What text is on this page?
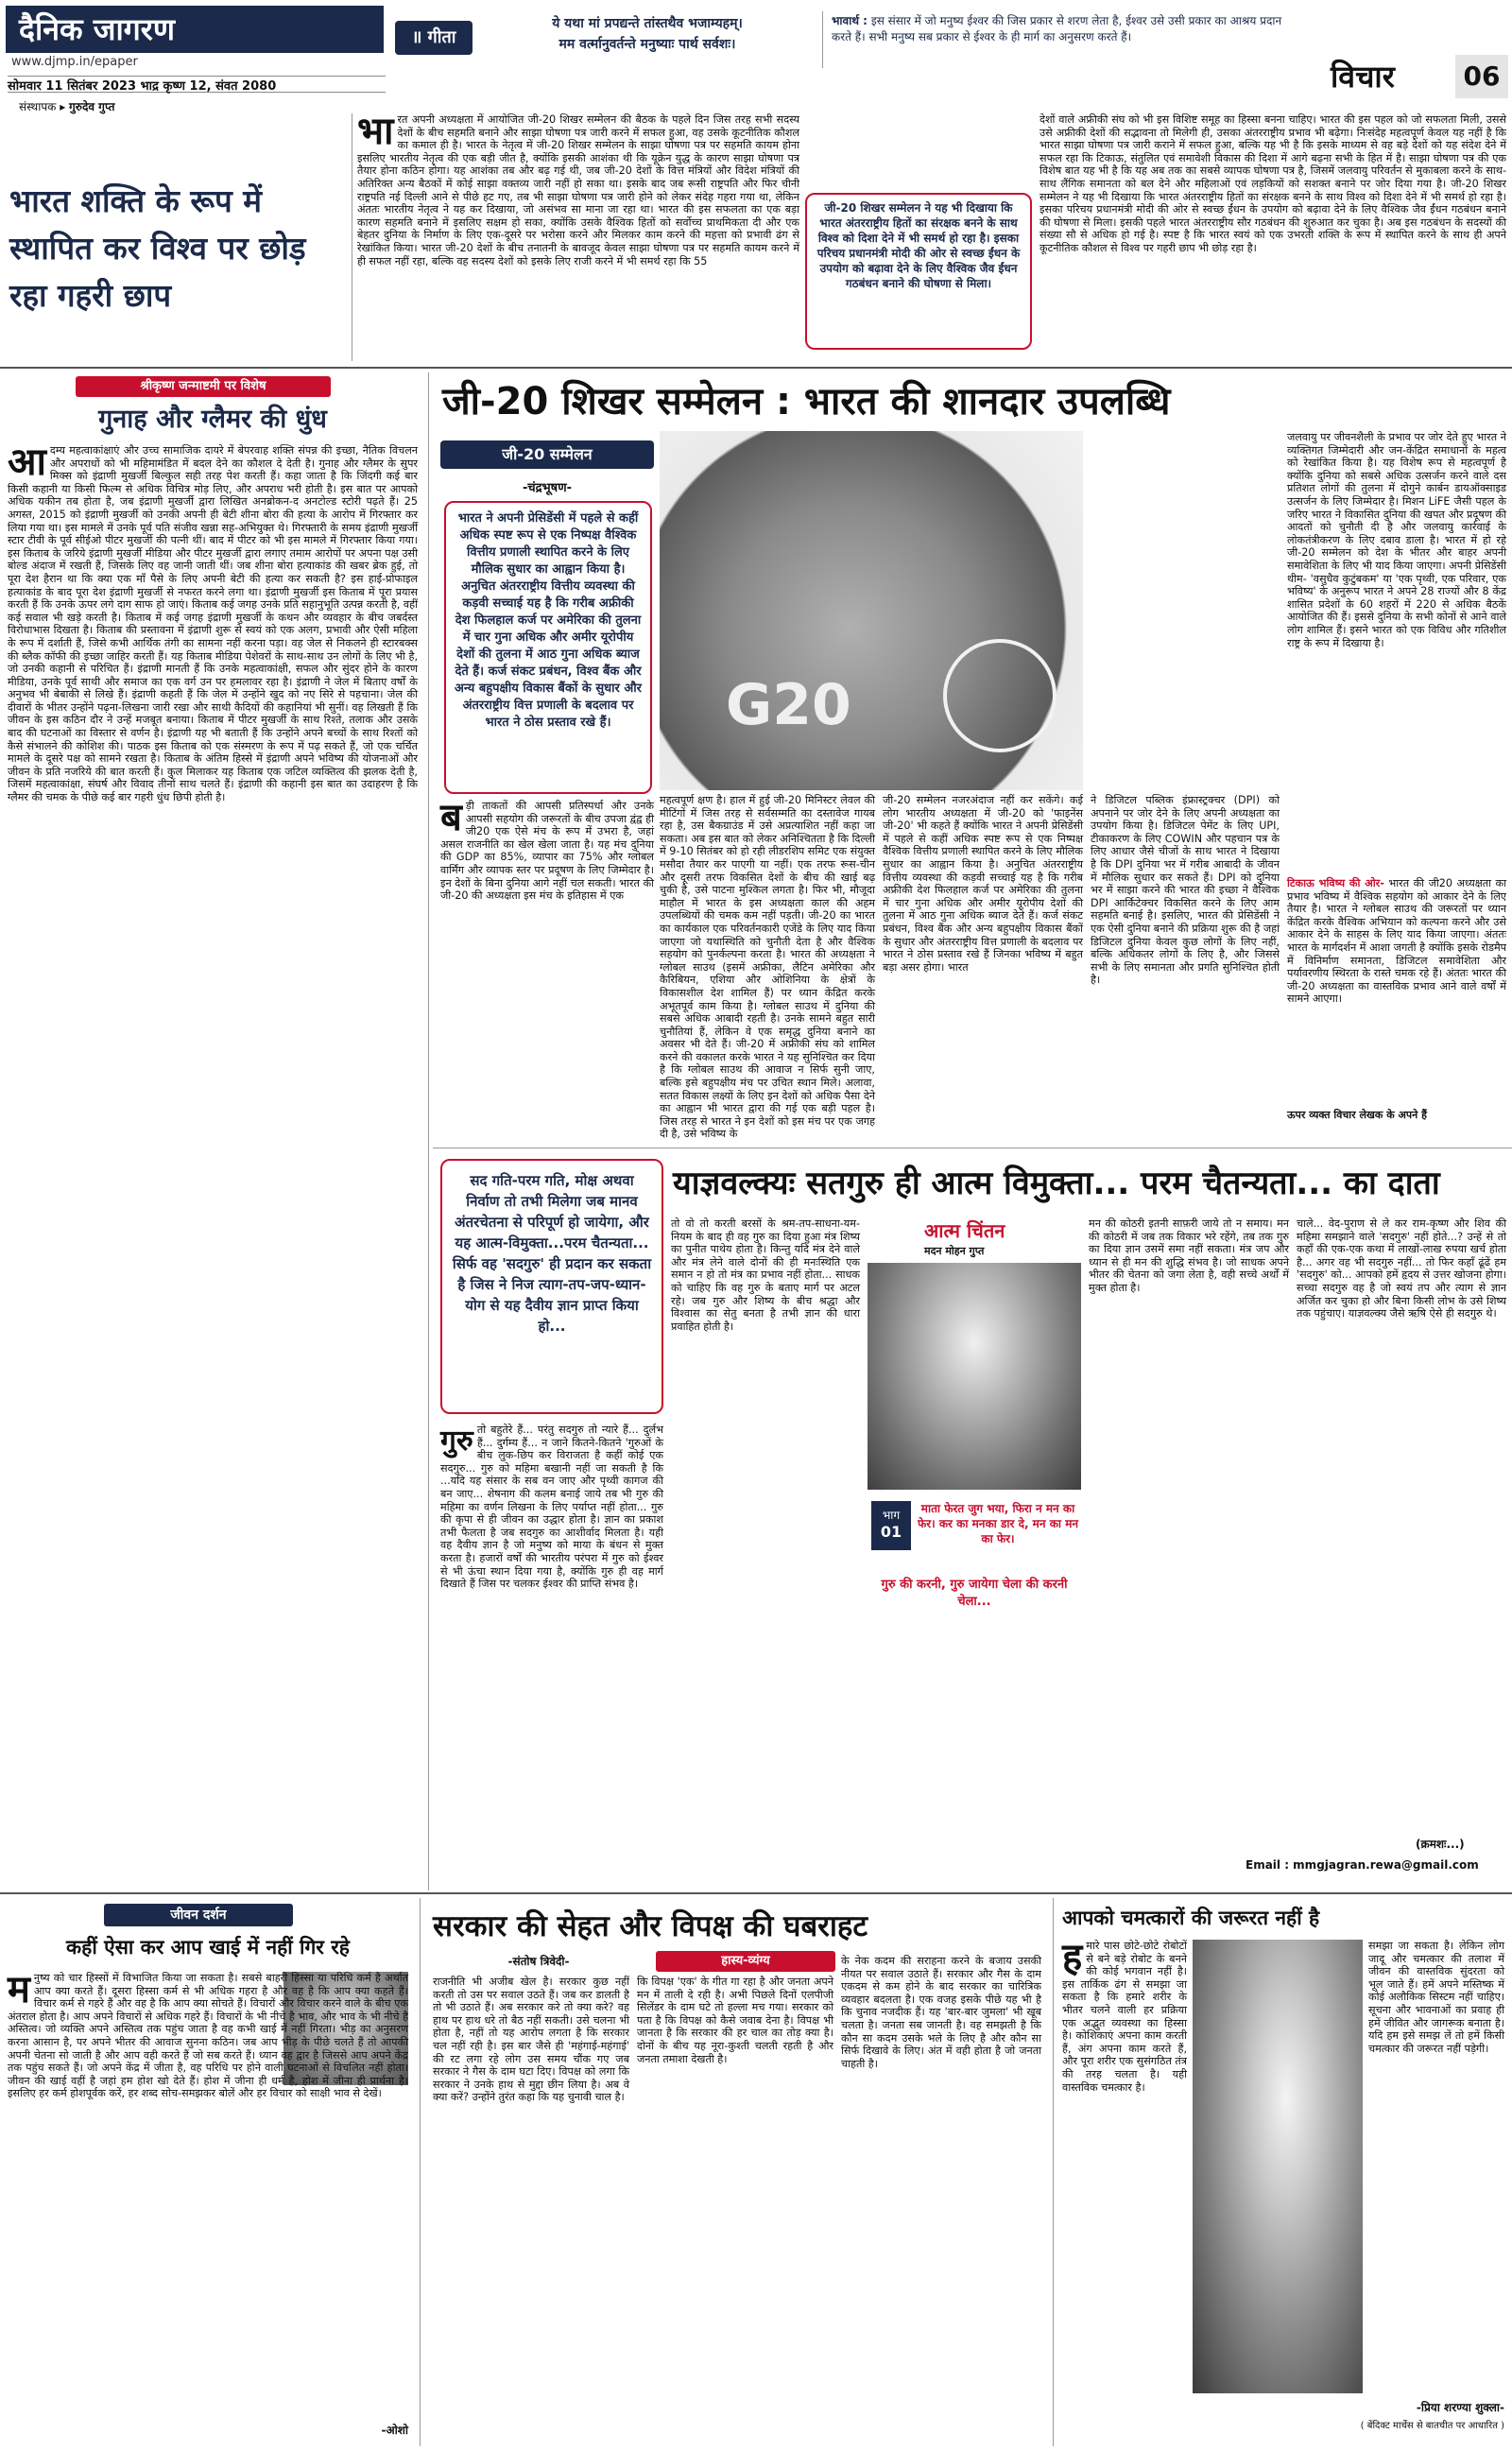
दैनिक जागरण
www.djmp.in/epaper
सोमवार 11 सितंबर 2023 भाद्र कृष्ण 12, संवत 2080
संस्थापक ▸ गुरुदेव गुप्त
॥ गीता
ये यथा मां प्रपद्यन्ते तांस्तथैव भजाम्यहम्।
मम वर्त्मानुवर्तन्ते मनुष्याः पार्थ सर्वशः।
भावार्थ : इस संसार में जो मनुष्य ईश्वर की जिस प्रकार से शरण लेता है, ईश्वर उसे उसी प्रकार का आश्रय प्रदान करते हैं। सभी मनुष्य सब प्रकार से ईश्वर के ही मार्ग का अनुसरण करते हैं।
विचार	06
भारत शक्ति के रूप में स्थापित कर विश्व पर छोड़ रहा गहरी छाप
भारत अपनी अध्यक्षता में आयोजित जी-20 शिखर सम्मेलन की बैठक के पहले दिन जिस तरह सभी सदस्य देशों के बीच सहमति बनाने और साझा घोषणा पत्र जारी करने में सफल हुआ, वह उसके कूटनीतिक कौशल का कमाल ही है। भारत के नेतृत्व में जी-20 शिखर सम्मेलन के साझा घोषणा पत्र पर सहमति कायम होना इसलिए भारतीय नेतृत्व की एक बड़ी जीत है, क्योंकि इसकी आशंका थी कि यूक्रेन युद्ध के कारण साझा घोषणा पत्र तैयार होना कठिन होगा। यह आशंका तब और बढ़ गई थी, जब जी-20 देशों के वित्त मंत्रियों और विदेश मंत्रियों की अतिरिक्त अन्य बैठकों में कोई साझा वक्तव्य जारी नहीं हो सका था। इसके बाद जब रूसी राष्ट्रपति और फिर चीनी राष्ट्रपति नई दिल्ली आने से पीछे हट गए, तब भी साझा घोषणा पत्र जारी होने को लेकर संदेह गहरा गया था, लेकिन अंततः भारतीय नेतृत्व ने यह कर दिखाया, जो असंभव सा माना जा रहा था। भारत की इस सफलता का एक बड़ा कारण सहमति बनाने में इसलिए सक्षम हो सका, क्योंकि उसके वैश्विक हितों को सर्वोच्च प्राथमिकता दी और एक बेहतर दुनिया के निर्माण के लिए एक-दूसरे पर भरोसा करने और मिलकर काम करने की महत्ता को प्रभावी ढंग से रेखांकित किया। भारत जी-20 देशों के बीच तनातनी के बावजूद केवल साझा घोषणा पत्र पर सहमति कायम करने में ही सफल नहीं रहा, बल्कि वह सदस्य देशों को इसके लिए राजी करने में भी समर्थ रहा कि 55
जी-20 शिखर सम्मेलन ने यह भी दिखाया कि भारत अंतरराष्ट्रीय हितों का संरक्षक बनने के साथ विश्व को दिशा देने में भी समर्थ हो रहा है। इसका परिचय प्रधानमंत्री मोदी की ओर से स्वच्छ ईंधन के उपयोग को बढ़ावा देने के लिए वैश्विक जैव ईंधन गठबंधन बनाने की घोषणा से मिला।
देशों वाले अफ्रीकी संघ को भी इस विशिष्ट समूह का हिस्सा बनना चाहिए। भारत की इस पहल को जो सफलता मिली, उससे उसे अफ्रीकी देशों की सद्भावना तो मिलेगी ही, उसका अंतरराष्ट्रीय प्रभाव भी बढ़ेगा। निःसंदेह महत्वपूर्ण केवल यह नहीं है कि भारत साझा घोषणा पत्र जारी कराने में सफल हुआ, बल्कि यह भी है कि इसके माध्यम से वह बड़े देशों को यह संदेश देने में सफल रहा कि टिकाऊ, संतुलित एवं समावेशी विकास की दिशा में आगे बढ़ना सभी के हित में है। साझा घोषणा पत्र की एक विशेष बात यह भी है कि यह अब तक का सबसे व्यापक घोषणा पत्र है, जिसमें जलवायु परिवर्तन से मुकाबला करने के साथ-साथ लैंगिक समानता को बल देने और महिलाओं एवं लड़कियों को सशक्त बनाने पर जोर दिया गया है। जी-20 शिखर सम्मेलन ने यह भी दिखाया कि भारत अंतरराष्ट्रीय हितों का संरक्षक बनने के साथ विश्व को दिशा देने में भी समर्थ हो रहा है। इसका परिचय प्रधानमंत्री मोदी की ओर से स्वच्छ ईंधन के उपयोग को बढ़ावा देने के लिए वैश्विक जैव ईंधन गठबंधन बनाने की घोषणा से मिला। इसकी पहले भारत अंतरराष्ट्रीय सौर गठबंधन की शुरुआत कर चुका है। अब इस गठबंधन के सदस्यों की संख्या सौ से अधिक हो गई है। स्पष्ट है कि भारत स्वयं को एक उभरती शक्ति के रूप में स्थापित करने के साथ ही अपने कूटनीतिक कौशल से विश्व पर गहरी छाप भी छोड़ रहा है।
श्रीकृष्ण जन्माष्टमी पर विशेष
गुनाह और ग्लैमर की धुंध
आदम्य महत्वाकांक्षाएं और उच्च सामाजिक दायरे में बेपरवाह शक्ति संपन्न की इच्छा, नैतिक विचलन और अपराधों को भी महिमामंडित में बदल देने का कौशल दे देती है। गुनाह और ग्लैमर के सुपर मिक्स को इंद्राणी मुखर्जी बिल्कुल सही तरह पेश करती हैं। कहा जाता है कि जिंदगी कई बार किसी कहानी या किसी फिल्म से अधिक विचित्र मोड़ लिए, और अपराध भरी होती है। इस बात पर आपको अधिक यकीन तब होता है, जब इंद्राणी मुखर्जी द्वारा लिखित अनब्रोकन-द अनटोल्ड स्टोरी पढ़ते हैं। 25 अगस्त, 2015 को इंद्राणी मुखर्जी को उनकी अपनी ही बेटी शीना बोरा की हत्या के आरोप में गिरफ्तार कर लिया गया था। इस मामले में उनके पूर्व पति संजीव खन्ना सह-अभियुक्त थे। गिरफ्तारी के समय इंद्राणी मुखर्जी स्टार टीवी के पूर्व सीईओ पीटर मुखर्जी की पत्नी थीं। बाद में पीटर को भी इस मामले में गिरफ्तार किया गया। इस किताब के जरिये इंद्राणी मुखर्जी मीडिया और पीटर मुखर्जी द्वारा लगाए तमाम आरोपों पर अपना पक्ष उसी बोल्ड अंदाज में रखती हैं, जिसके लिए वह जानी जाती थीं। जब शीना बोरा हत्याकांड की खबर ब्रेक हुई, तो पूरा देश हैरान था कि क्या एक माँ पैसे के लिए अपनी बेटी की हत्या कर सकती है? इस हाई-प्रोफाइल हत्याकांड के बाद पूरा देश इंद्राणी मुखर्जी से नफरत करने लगा था। इंद्राणी मुखर्जी इस किताब में पूरा प्रयास करती हैं कि उनके ऊपर लगे दाग साफ हो जाएं। किताब कई जगह उनके प्रति सहानुभूति उत्पन्न करती है, वहीं कई सवाल भी खड़े करती है। किताब में कई जगह इंद्राणी मुखर्जी के कथन और व्यवहार के बीच जबर्दस्त विरोधाभास दिखता है। किताब की प्रस्तावना में इंद्राणी शुरू से स्वयं को एक अलग, प्रभावी और ऐसी महिला के रूप में दर्शाती हैं, जिसे कभी आर्थिक तंगी का सामना नहीं करना पड़ा। वह जेल से निकलने ही स्टारबक्स की ब्लैक कॉफी की इच्छा जाहिर करती हैं। यह किताब मीडिया पेशेवरों के साथ-साथ उन लोगों के लिए भी है, जो उनकी कहानी से परिचित हैं। इंद्राणी मानती हैं कि उनके महत्वाकांक्षी, सफल और सुंदर होने के कारण मीडिया, उनके पूर्व साथी और समाज का एक वर्ग उन पर हमलावर रहा है। इंद्राणी ने जेल में बिताए वर्षों के अनुभव भी बेबाकी से लिखे हैं। इंद्राणी कहती हैं कि जेल में उन्होंने खुद को नए सिरे से पहचाना। जेल की दीवारों के भीतर उन्होंने पढ़ना-लिखना जारी रखा और साथी कैदियों की कहानियां भी सुनीं। वह लिखती हैं कि जीवन के इस कठिन दौर ने उन्हें मजबूत बनाया। किताब में पीटर मुखर्जी के साथ रिश्ते, तलाक और उसके बाद की घटनाओं का विस्तार से वर्णन है। इंद्राणी यह भी बताती हैं कि उन्होंने अपने बच्चों के साथ रिश्तों को कैसे संभालने की कोशिश की। पाठक इस किताब को एक संस्मरण के रूप में पढ़ सकते हैं, जो एक चर्चित मामले के दूसरे पक्ष को सामने रखता है। किताब के अंतिम हिस्से में इंद्राणी अपने भविष्य की योजनाओं और जीवन के प्रति नजरिये की बात करती हैं। कुल मिलाकर यह किताब एक जटिल व्यक्तित्व की झलक देती है, जिसमें महत्वाकांक्षा, संघर्ष और विवाद तीनों साथ चलते हैं। इंद्राणी की कहानी इस बात का उदाहरण है कि ग्लैमर की चमक के पीछे कई बार गहरी धुंध छिपी होती है।
जी-20 शिखर सम्मेलन : भारत की शानदार उपलब्धि
G20
जी-20 सम्मेलन
-चंद्रभूषण-
भारत ने अपनी प्रेसिडेंसी में पहले से कहीं अधिक स्पष्ट रूप से एक निष्पक्ष वैश्विक वित्तीय प्रणाली स्थापित करने के लिए मौलिक सुधार का आह्वान किया है। अनुचित अंतरराष्ट्रीय वित्तीय व्यवस्था की कड़वी सच्चाई यह है कि गरीब अफ्रीकी देश फिलहाल कर्ज पर अमेरिका की तुलना में चार गुना अधिक और अमीर यूरोपीय देशों की तुलना में आठ गुना अधिक ब्याज देते हैं। कर्ज संकट प्रबंधन, विश्व बैंक और अन्य बहुपक्षीय विकास बैंकों के सुधार और अंतरराष्ट्रीय वित्त प्रणाली के बदलाव पर भारत ने ठोस प्रस्ताव रखे हैं।
बड़ी ताकतों की आपसी प्रतिस्पर्धा और उनके आपसी सहयोग की जरूरतों के बीच उपजा द्वंद्व ही जी20 एक ऐसे मंच के रूप में उभरा है, जहां असल राजनीति का खेल खेला जाता है। यह मंच दुनिया की GDP का 85%, व्यापार का 75% और ग्लोबल वार्मिंग और व्यापक स्तर पर प्रदूषण के लिए जिम्मेदार है। इन देशों के बिना दुनिया आगे नहीं चल सकती। भारत की जी-20 की अध्यक्षता इस मंच के इतिहास में एक
महत्वपूर्ण क्षण है। हाल में हुई जी-20 मिनिस्टर लेवल की मीटिंगों में जिस तरह से सर्वसम्मति का दस्तावेज गायब रहा है, उस बैकग्राउंड में उसे अप्रत्याशित नहीं कहा जा सकता। अब इस बात को लेकर अनिश्चितता है कि दिल्ली में 9-10 सितंबर को हो रही लीडरशिप समिट एक संयुक्त मसौदा तैयार कर पाएगी या नहीं। एक तरफ रूस-चीन और दूसरी तरफ विकसित देशों के बीच की खाई बढ़ चुकी है, उसे पाटना मुश्किल लगता है। फिर भी, मौजूदा माहौल में भारत के इस अध्यक्षता काल की अहम उपलब्धियों की चमक कम नहीं पड़ती। जी-20 का भारत का कार्यकाल एक परिवर्तनकारी एजेंडे के लिए याद किया जाएगा जो यथास्थिति को चुनौती देता है और वैश्विक सहयोग को पुनर्कल्पना करता है। भारत की अध्यक्षता ने ग्लोबल साउथ (इसमें अफ्रीका, लैटिन अमेरिका और कैरिबियन, एशिया और ओशिनिया के क्षेत्रों के विकासशील देश शामिल हैं) पर ध्यान केंद्रित करके अभूतपूर्व काम किया है। ग्लोबल साउथ में दुनिया की सबसे अधिक आबादी रहती है। उनके सामने बहुत सारी चुनौतियां हैं, लेकिन वे एक समृद्ध दुनिया बनाने का अवसर भी देते हैं। जी-20 में अफ्रीकी संघ को शामिल करने की वकालत करके भारत ने यह सुनिश्चित कर दिया है कि ग्लोबल साउथ की आवाज न सिर्फ सुनी जाए, बल्कि इसे बहुपक्षीय मंच पर उचित स्थान मिले। अलावा, सतत विकास लक्ष्यों के लिए इन देशों को अधिक पैसा देने का आह्वान भी भारत द्वारा की गई एक बड़ी पहल है। जिस तरह से भारत ने इन देशों को इस मंच पर एक जगह दी है, उसे भविष्य के
जी-20 सम्मेलन नजरअंदाज नहीं कर सकेंगे। कई लोग भारतीय अध्यक्षता में जी-20 को 'फाइनेंस जी-20' भी कहते हैं क्योंकि भारत ने अपनी प्रेसिडेंसी में पहले से कहीं अधिक स्पष्ट रूप से एक निष्पक्ष वैश्विक वित्तीय प्रणाली स्थापित करने के लिए मौलिक सुधार का आह्वान किया है। अनुचित अंतरराष्ट्रीय वित्तीय व्यवस्था की कड़वी सच्चाई यह है कि गरीब अफ्रीकी देश फिलहाल कर्ज पर अमेरिका की तुलना में चार गुना अधिक और अमीर यूरोपीय देशों की तुलना में आठ गुना अधिक ब्याज देते हैं। कर्ज संकट प्रबंधन, विश्व बैंक और अन्य बहुपक्षीय विकास बैंकों के सुधार और अंतरराष्ट्रीय वित्त प्रणाली के बदलाव पर भारत ने ठोस प्रस्ताव रखे हैं जिनका भविष्य में बहुत बड़ा असर होगा। भारत
ने डिजिटल पब्लिक इंफ्रास्ट्रक्चर (DPI) को अपनाने पर जोर देने के लिए अपनी अध्यक्षता का उपयोग किया है। डिजिटल पेमेंट के लिए UPI, टीकाकरण के लिए COWIN और पहचान पत्र के लिए आधार जैसे चीजों के साथ भारत ने दिखाया है कि DPI दुनिया भर में गरीब आबादी के जीवन में मौलिक सुधार कर सकते हैं। DPI को दुनिया भर में साझा करने की भारत की इच्छा ने वैश्विक DPI आर्किटेक्चर विकसित करने के लिए आम सहमति बनाई है। इसलिए, भारत की प्रेसिडेंसी ने एक ऐसी दुनिया बनाने की प्रक्रिया शुरू की है जहां डिजिटल दुनिया केवल कुछ लोगों के लिए नहीं, बल्कि अधिकतर लोगों के लिए है, और जिससे सभी के लिए समानता और प्रगति सुनिश्चित होती है।
जलवायु पर जीवनशैली के प्रभाव पर जोर देते हुए भारत ने व्यक्तिगत जिम्मेदारी और जन-केंद्रित समाधानों के महत्व को रेखांकित किया है। यह विशेष रूप से महत्वपूर्ण है क्योंकि दुनिया को सबसे अधिक उत्सर्जन करने वाले दस प्रतिशत लोगों की तुलना में दोगुने कार्बन डायऑक्साइड उत्सर्जन के लिए जिम्मेदार है। मिशन LiFE जैसी पहल के जरिए भारत ने विकासित दुनिया की खपत और प्रदूषण की आदतों को चुनौती दी है और जलवायु कार्रवाई के लोकतंत्रीकरण के लिए दबाव डाला है। भारत में हो रहे जी-20 सम्मेलन को देश के भीतर और बाहर अपनी समावेशिता के लिए भी याद किया जाएगा। अपनी प्रेसिडेंसी थीम- 'वसुधैव कुटुंबकम' या 'एक पृथ्वी, एक परिवार, एक भविष्य' के अनुरूप भारत ने अपने 28 राज्यों और 8 केंद्र शासित प्रदेशों के 60 शहरों में 220 से अधिक बैठकें आयोजित की हैं। इससे दुनिया के सभी कोनों से आने वाले लोग शामिल हैं। इसने भारत को एक विविध और गतिशील राष्ट्र के रूप में दिखाया है।
टिकाऊ भविष्य की ओर- भारत की जी20 अध्यक्षता का प्रभाव भविष्य में वैश्विक सहयोग को आकार देने के लिए तैयार है। भारत ने ग्लोबल साउथ की जरूरतों पर ध्यान केंद्रित करके वैश्विक अभियान को कल्पना करने और उसे आकार देने के साहस के लिए याद किया जाएगा। अंततः भारत के मार्गदर्शन में आशा जगती है क्योंकि इसके रोडमैप में विनिर्माण समानता, डिजिटल समावेशिता और पर्यावरणीय स्थिरता के रास्ते चमक रहे हैं। अंततः भारत की जी-20 अध्यक्षता का वास्तविक प्रभाव आने वाले वर्षों में सामने आएगा।
ऊपर व्यक्त विचार लेखक के अपने हैं
सद गति-परम गति, मोक्ष अथवा निर्वाण तो तभी मिलेगा जब मानव अंतरचेतना से परिपूर्ण हो जायेगा, और यह आत्म-विमुक्ता...परम चैतन्यता... सिर्फ वह 'सदगुरु' ही प्रदान कर सकता है जिस ने निज त्याग-तप-जप-ध्यान-योग से यह दैवीय ज्ञान प्राप्त किया हो...
याज्ञवल्क्यः सतगुरु ही आत्म विमुक्ता... परम चैतन्यता... का दाता
गुरु तो बहुतेरे हैं... परंतु सदगुरु तो न्यारे हैं... दुर्लभ हैं... दुर्गम्य हैं... न जाने कितने-कितने 'गुरुओं के बीच लुक-छिप कर विराजता है कहीं कोई एक सदगुरु... गुरु को महिमा बखानी नहीं जा सकती है कि ...यदि यह संसार के सब वन जाए और पृथ्वी कागज की बन जाए... शेषनाग की कलम बनाई जाये तब भी गुरु की महिमा का वर्णन लिखना के लिए पर्याप्त नहीं होता... गुरु की कृपा से ही जीवन का उद्धार होता है। ज्ञान का प्रकाश तभी फैलता है जब सदगुरु का आशीर्वाद मिलता है। यही वह दैवीय ज्ञान है जो मनुष्य को माया के बंधन से मुक्त करता है। हजारों वर्षों की भारतीय परंपरा में गुरु को ईश्वर से भी ऊंचा स्थान दिया गया है, क्योंकि गुरु ही वह मार्ग दिखाते हैं जिस पर चलकर ईश्वर की प्राप्ति संभव है।
तो वो तो करती बरसों के श्रम-तप-साधना-यम-नियम के बाद ही वह गुरु का दिया हुआ मंत्र शिष्य का पुनीत पाथेय होता है। किन्तु यदि मंत्र देने वाले और मंत्र लेने वाले दोनों की ही मनःस्थिति एक समान न हो तो मंत्र का प्रभाव नहीं होता... साधक को चाहिए कि वह गुरु के बताए मार्ग पर अटल रहे। जब गुरु और शिष्य के बीच श्रद्धा और विश्वास का सेतु बनता है तभी ज्ञान की धारा प्रवाहित होती है।
आत्म चिंतन
मदन मोहन गुप्त
भाग
01
माता फेरत जुग भया, फिरा न मन का फेर। कर का मनका डार दे, मन का मन का फेर।
गुरु की करनी, गुरु जायेगा चेला की करनी चेला...
मन की कोठरी इतनी साफ़री जाये तो न समाय। मन की कोठरी में जब तक विकार भरे रहेंगे, तब तक गुरु का दिया ज्ञान उसमें समा नहीं सकता। मंत्र जप और ध्यान से ही मन की शुद्धि संभव है। जो साधक अपने भीतर की चेतना को जगा लेता है, वही सच्चे अर्थों में मुक्त होता है।
चाले... वेद-पुराण से ले कर राम-कृष्ण और शिव की महिमा समझाने वाले 'सदगुरु' नहीं होते...? उन्हें से तो कहाँ की एक-एक कथा में लाखों-लाख रुपया खर्च होता है... अगर वह भी सदगुरु नहीं... तो फिर कहाँ ढूंढें हम 'सदगुरु' को... आपको हमें हृदय से उत्तर खोजना होगा। सच्चा सदगुरु वह है जो स्वयं तप और त्याग से ज्ञान अर्जित कर चुका हो और बिना किसी लोभ के उसे शिष्य तक पहुंचाए। याज्ञवल्क्य जैसे ऋषि ऐसे ही सदगुरु थे।
(क्रमशः...)
Email : mmgjagran.rewa@gmail.com
जीवन दर्शन
कहीं ऐसा कर आप खाई में नहीं गिर रहे
मनुष्य को चार हिस्सों में विभाजित किया जा सकता है। सबसे बाहरी हिस्सा या परिधि कर्म है अर्थात आप क्या करते हैं। दूसरा हिस्सा कर्म से भी अधिक गहरा है और वह है कि आप क्या कहते हैं। विचार कर्म से गहरे हैं और वह है कि आप क्या सोचते हैं। विचारों और विचार करने वाले के बीच एक अंतराल होता है। आप अपने विचारों से अधिक गहरे हैं। विचारों के भी नीचे है भाव, और भाव के भी नीचे है अस्तित्व। जो व्यक्ति अपने अस्तित्व तक पहुंच जाता है वह कभी खाई में नहीं गिरता। भीड़ का अनुसरण करना आसान है, पर अपने भीतर की आवाज सुनना कठिन। जब आप भीड़ के पीछे चलते हैं तो आपकी अपनी चेतना सो जाती है और आप वही करते हैं जो सब करते हैं। ध्यान वह द्वार है जिससे आप अपने केंद्र तक पहुंच सकते हैं। जो अपने केंद्र में जीता है, वह परिधि पर होने वाली घटनाओं से विचलित नहीं होता। जीवन की खाई वहीं है जहां हम होश खो देते हैं। होश में जीना ही धर्म है, होश में जीना ही प्रार्थना है। इसलिए हर कर्म होशपूर्वक करें, हर शब्द सोच-समझकर बोलें और हर विचार को साक्षी भाव से देखें।
-ओशो
सरकार की सेहत और विपक्ष की घबराहट
-संतोष त्रिवेदी-	हास्य-व्यंग्य
राजनीति भी अजीब खेल है। सरकार कुछ नहीं करती तो उस पर सवाल उठते हैं। जब कर डालती है तो भी उठाते हैं। अब सरकार करे तो क्या करे? वह हाथ पर हाथ धरे तो बैठ नहीं सकती। उसे चलना भी होता है, नहीं तो यह आरोप लगता है कि सरकार चल नहीं रही है। इस बार जैसे ही 'महंगाई-महंगाई' की रट लगा रहे लोग उस समय चौंक गए जब सरकार ने गैस के दाम घटा दिए। विपक्ष को लगा कि सरकार ने उनके हाथ से मुद्दा छीन लिया है। अब वे क्या करें? उन्होंने तुरंत कहा कि यह चुनावी चाल है।
कि विपक्ष 'एक' के गीत गा रहा है और जनता अपने मन में ताली दे रही है। अभी पिछले दिनों एलपीजी सिलेंडर के दाम घटे तो हल्ला मच गया। सरकार को पता है कि विपक्ष को कैसे जवाब देना है। विपक्ष भी जानता है कि सरकार की हर चाल का तोड़ क्या है। दोनों के बीच यह नूरा-कुश्ती चलती रहती है और जनता तमाशा देखती है।
के नेक कदम की सराहना करने के बजाय उसकी नीयत पर सवाल उठाते हैं। सरकार और गैस के दाम एकदम से कम होने के बाद सरकार का चारित्रिक व्यवहार बदलता है। एक वजह इसके पीछे यह भी है कि चुनाव नजदीक हैं। यह 'बार-बार जुमला' भी खूब चलता है। जनता सब जानती है। वह समझती है कि कौन सा कदम उसके भले के लिए है और कौन सा सिर्फ दिखावे के लिए। अंत में वही होता है जो जनता चाहती है।
आपको चमत्कारों की जरूरत नहीं है
हमारे पास छोटे-छोटे रोबोटों से बने बड़े रोबोट के बनने की कोई भगवान नहीं है। इस तार्किक ढंग से समझा जा सकता है कि हमारे शरीर के भीतर चलने वाली हर प्रक्रिया एक अद्भुत व्यवस्था का हिस्सा है। कोशिकाएं अपना काम करती हैं, अंग अपना काम करते हैं, और पूरा शरीर एक सुसंगठित तंत्र की तरह चलता है। यही वास्तविक चमत्कार है।
समझा जा सकता है। लेकिन लोग जादू और चमत्कार की तलाश में जीवन की वास्तविक सुंदरता को भूल जाते हैं। हमें अपने मस्तिष्क में कोई अलौकिक सिस्टम नहीं चाहिए। सूचना और भावनाओं का प्रवाह ही हमें जीवित और जागरूक बनाता है। यदि हम इसे समझ लें तो हमें किसी चमत्कार की जरूरत नहीं पड़ेगी।
-प्रिया शरण्या शुक्ला-
( बेंदिक्ट मार्चेस से बातचीत पर आधारित )
